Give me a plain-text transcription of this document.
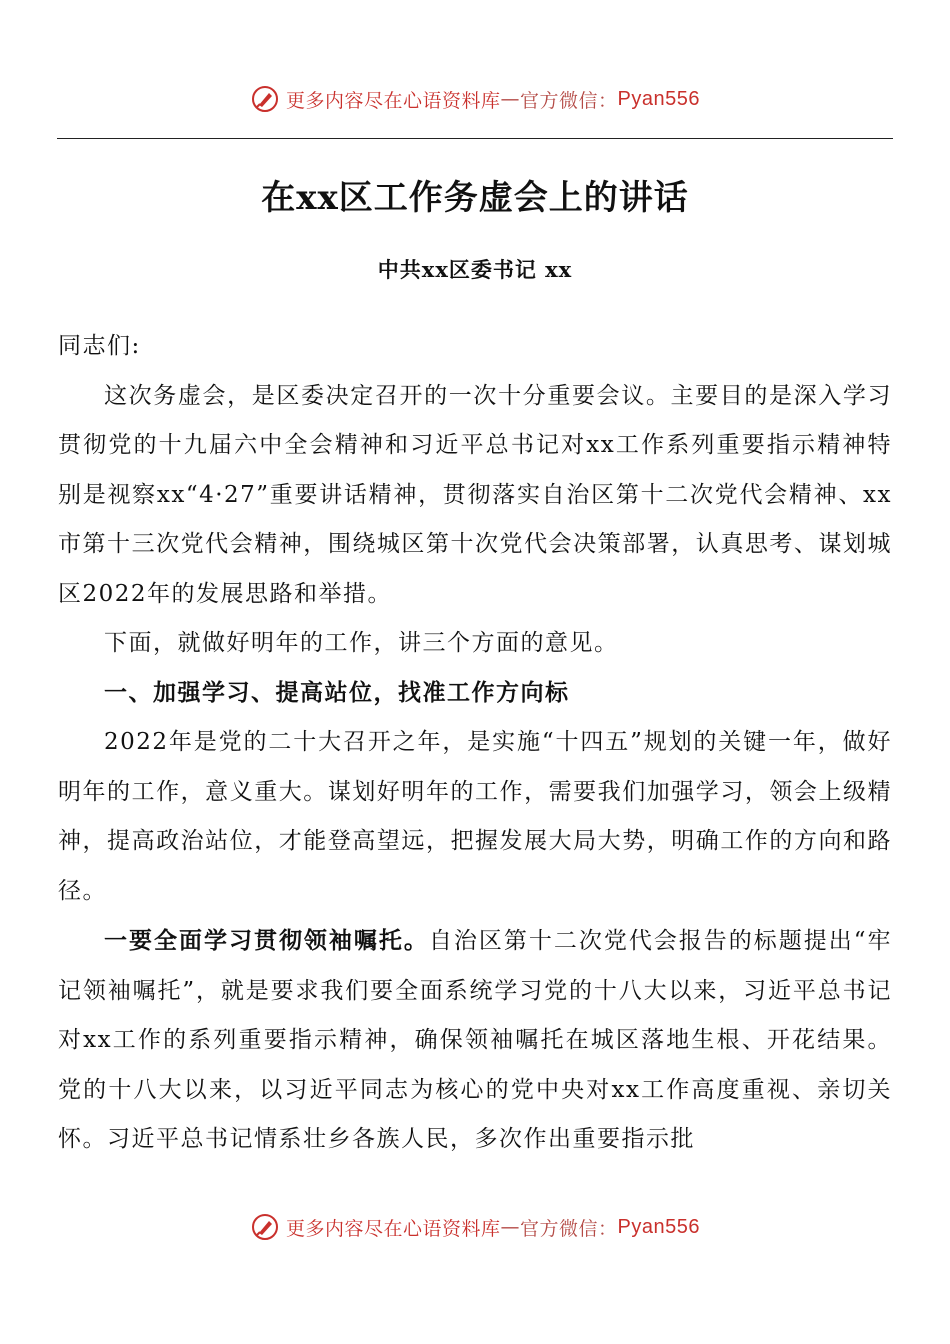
更多内容尽在心语资料库 — 官方微信： Pyan556
在xx区工作务虚会上的讲话
中共xx区委书记 xx

同志们:

这次务虚会，是区委决定召开的一次十分重要会议。主要目的是深入学习贯彻党的十九届六中全会精神和习近平总书记对xx工作系列重要指示精神特别是视察xx“4·27”重要讲话精神，贯彻落实自治区第十二次党代会精神、xx市第十三次党代会精神，围绕城区第十次党代会决策部署，认真思考、谋划城区2022年的发展思路和举措。

下面，就做好明年的工作，讲三个方面的意见。

一、加强学习、提高站位，找准工作方向标

2022年是党的二十大召开之年，是实施“十四五”规划的关键一年，做好明年的工作，意义重大。谋划好明年的工作，需要我们加强学习，领会上级精神，提高政治站位，才能登高望远，把握发展大局大势，明确工作的方向和路径。

一要全面学习贯彻领袖嘱托。自治区第十二次党代会报告的标题提出“牢记领袖嘱托”，就是要求我们要全面系统学习党的十八大以来，习近平总书记对xx工作的系列重要指示精神，确保领袖嘱托在城区落地生根、开花结果。党的十八大以来，以习近平同志为核心的党中央对xx工作高度重视、亲切关怀。习近平总书记情系壮乡各族人民，多次作出重要指示批

更多内容尽在心语资料库 — 官方微信： Pyan556
